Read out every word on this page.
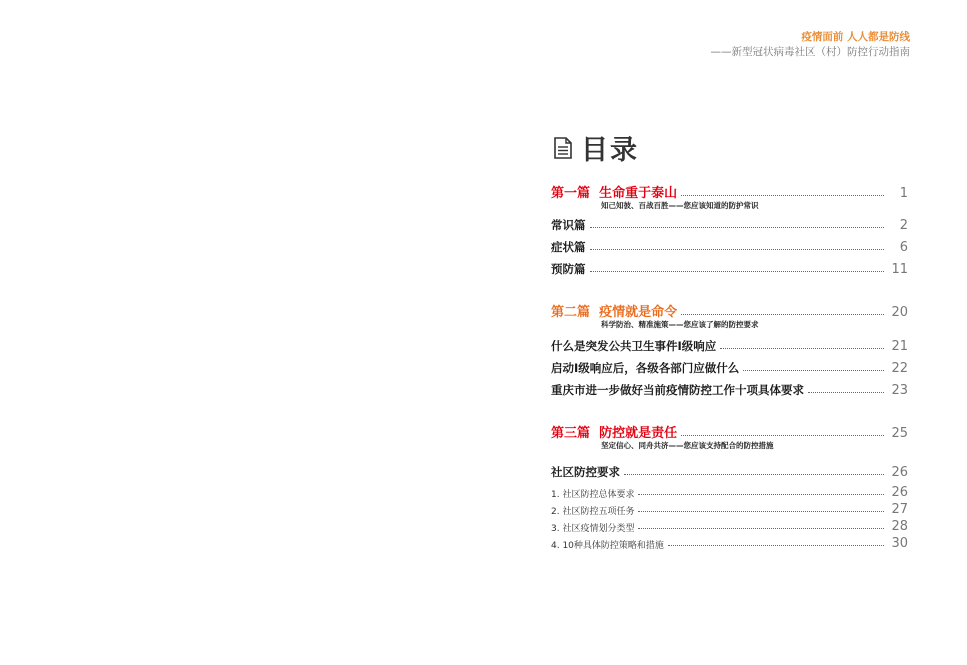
疫情面前 人人都是防线
——新型冠状病毒社区（村）防控行动指南
目录
第一篇 生命重于泰山	1
知己知彼、百战百胜——您应该知道的防护常识
常识篇	2
症状篇	6
预防篇	11
第二篇 疫情就是命令	20
科学防治、精准施策——您应该了解的防控要求
什么是突发公共卫生事件I级响应	21
启动I级响应后，各级各部门应做什么	22
重庆市进一步做好当前疫情防控工作十项具体要求	23
第三篇 防控就是责任	25
坚定信心、同舟共济——您应该支持配合的防控措施
社区防控要求	26
1. 社区防控总体要求	26
2. 社区防控五项任务	27
3. 社区疫情划分类型	28
4. 10种具体防控策略和措施	30
